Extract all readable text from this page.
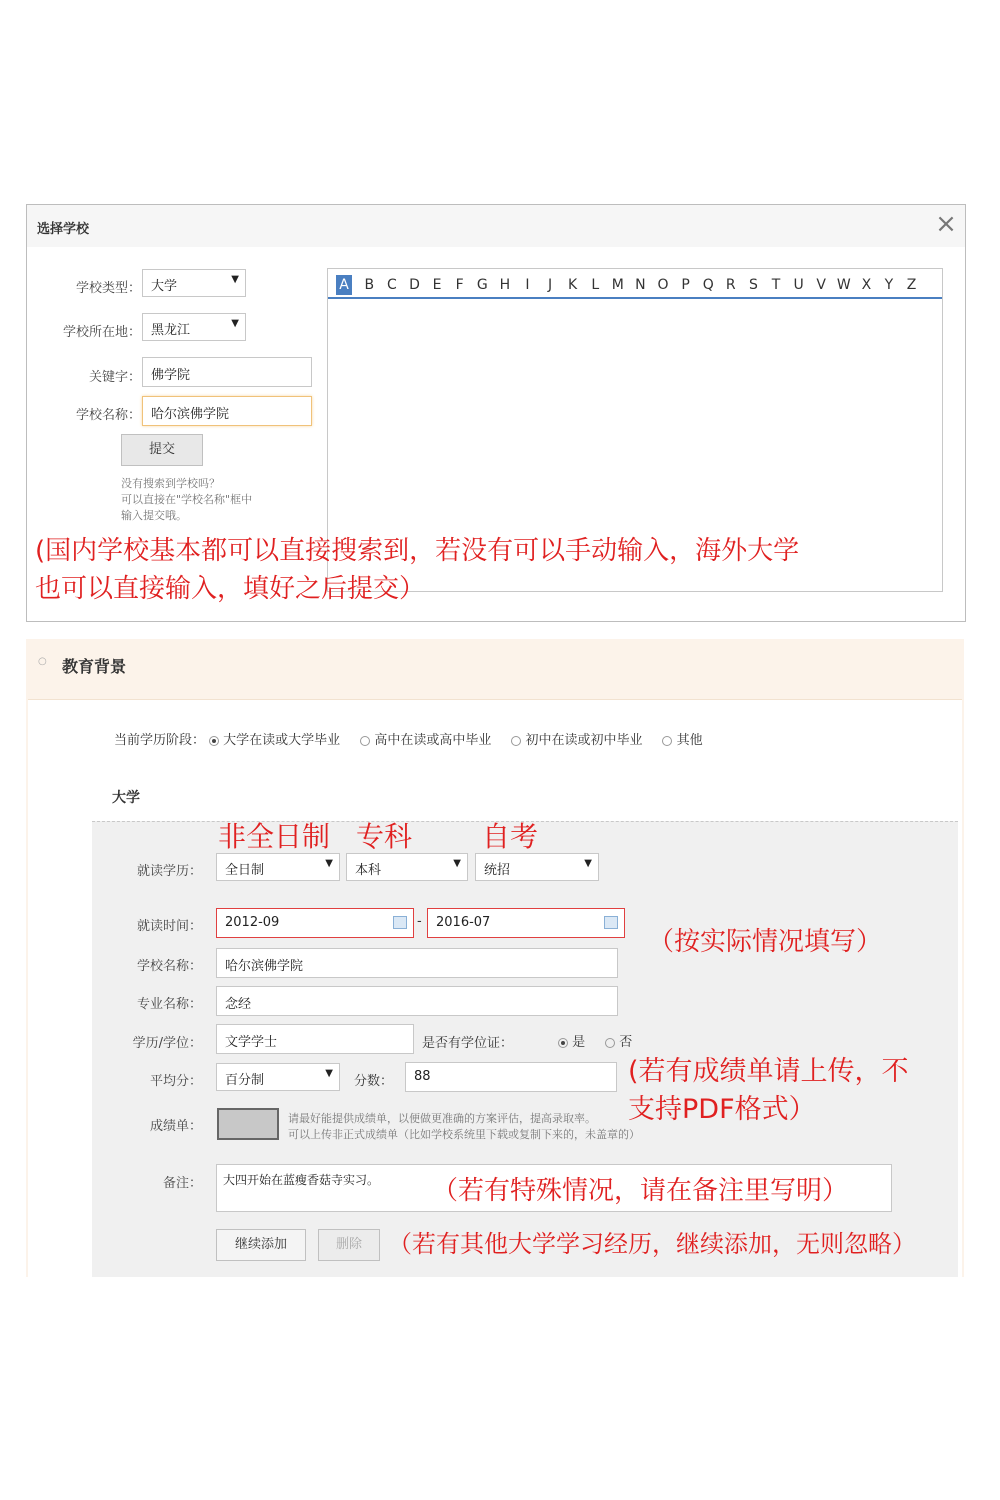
选择学校	×
学校类型： 大学	▼
学校所在地： 黑龙江	▼
关键字： 佛学院
学校名称： 哈尔滨佛学院
提交
没有搜索到学校吗？
可以直接在"学校名称"框中
输入提交哦。
A	B C D E	F G H	I	J	K	L M N O P Q R S T U V W X Y Z
(国内学校基本都可以直接搜索到，若没有可以手动输入，海外大学
也可以直接输入，填好之后提交）
○ 教育背景
当前学历阶段：	大学在读或大学毕业	高中在读或高中毕业	初中在读或初中毕业	其他
大学
非全日制 专科 自考
就读学历：	全日制	▼	本科	▼	统招	▼
就读时间：	2012-09	-	2016-07
（按实际情况填写）
学校名称：	哈尔滨佛学院
专业名称：	念经
学历/学位：	文学学士	是否有学位证：	是	否
平均分：	百分制	▼
分数：	88	(若有成绩单请上传，不
支持PDF格式）
成绩单：
请最好能提供成绩单，以便做更准确的方案评估，提高录取率。
可以上传非正式成绩单（比如学校系统里下载或复制下来的，未盖章的）
备注：	大四开始在蓝瘦香菇寺实习。	（若有特殊情况，请在备注里写明）
继续添加	删除	（若有其他大学学习经历，继续添加，无则忽略）
